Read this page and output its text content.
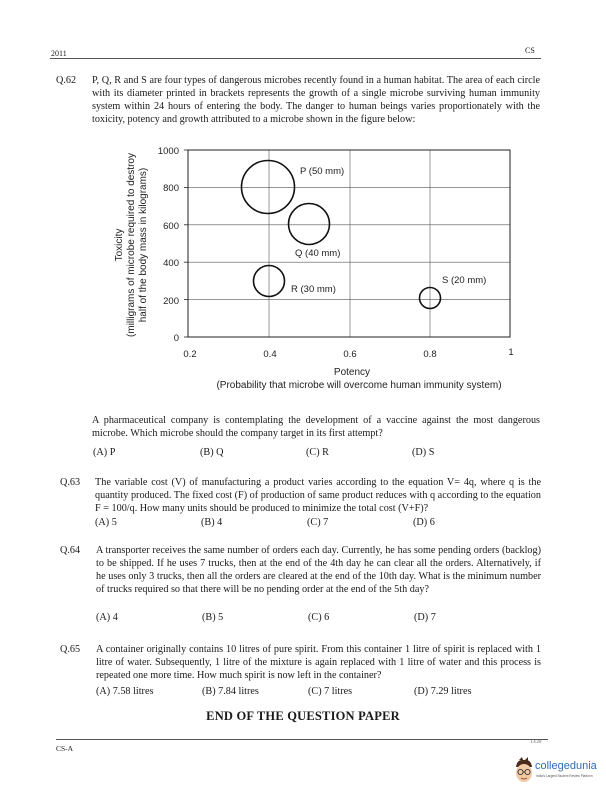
2011	CS
Q.62 P, Q, R and S are four types of dangerous microbes recently found in a human habitat. The area of each circle with its diameter printed in brackets represents the growth of a single microbe surviving human immunity system within 24 hours of entering the body. The danger to human beings varies proportionately with the toxicity, potency and growth attributed to a microbe shown in the figure below:
1000
800
600
400
200
0
0.2	0.4	0.6	0.8	1
Potency
(Probability that microbe will overcome human immunity system)
Toxicity (milligrams of microbe required to destroy half of the body mass in kilograms)	P (50 mm)
Q (40 mm)
R (30 mm)
S (20 mm)
A pharmaceutical company is contemplating the development of a vaccine against the most dangerous microbe. Which microbe should the company target in its first attempt?
(A) P	(B) Q	(C) R	(D) S
Q.63 The variable cost (V) of manufacturing a product varies according to the equation V= 4q, where q is the quantity produced. The fixed cost (F) of production of same product reduces with q according to the equation F = 100/q. How many units should be produced to minimize the total cost (V+F)?
(A) 5	(B) 4	(C) 7	(D) 6
Q.64 A transporter receives the same number of orders each day. Currently, he has some pending orders (backlog) to be shipped. If he uses 7 trucks, then at the end of the 4th day he can clear all the orders. Alternatively, if he uses only 3 trucks, then all the orders are cleared at the end of the 10th day. What is the minimum number of trucks required so that there will be no pending order at the end of the 5th day?
(A) 4	(B) 5	(C) 6	(D) 7
Q.65 A container originally contains 10 litres of pure spirit. From this container 1 litre of spirit is replaced with 1 litre of water. Subsequently, 1 litre of the mixture is again replaced with 1 litre of water and this process is repeated one more time. How much spirit is now left in the container?
(A) 7.58 litres	(B) 7.84 litres	(C) 7 litres	(D) 7.29 litres
END OF THE QUESTION PAPER
CS-A
13/20
collegedunia
India's Largest Student Review Platform
